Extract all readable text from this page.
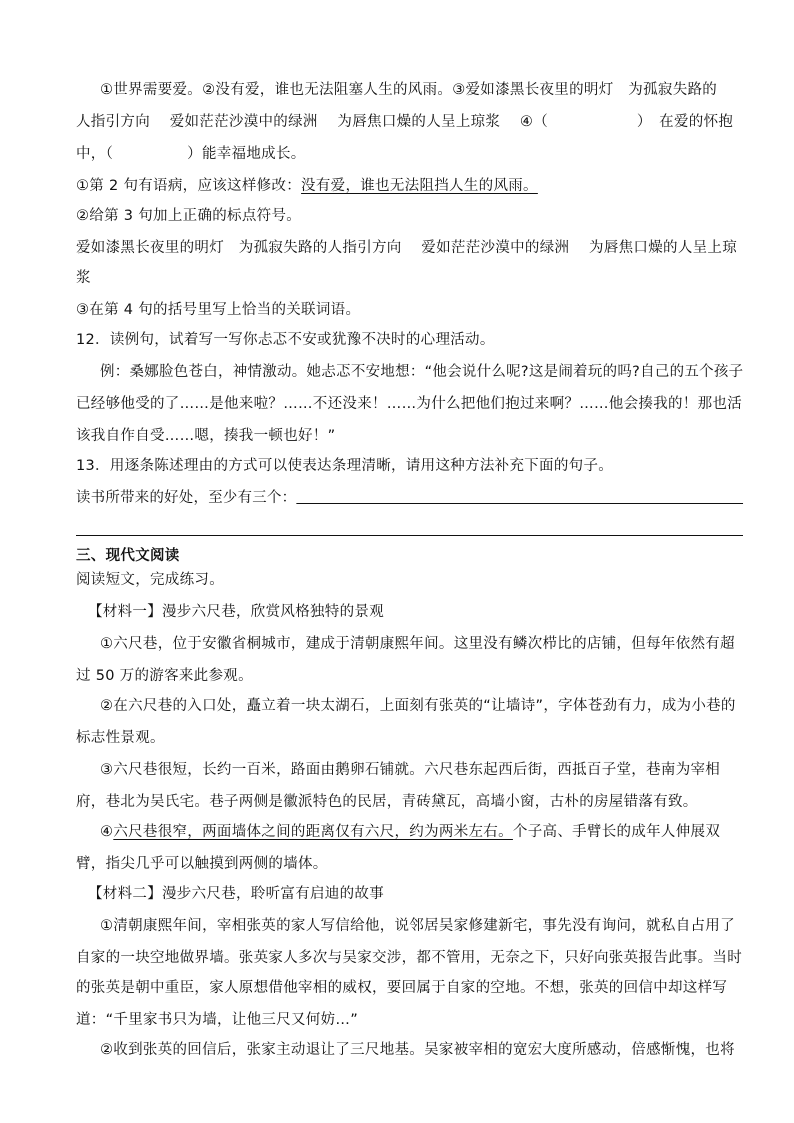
①世界需要爱。②没有爱，谁也无法阻塞人生的风雨。③爱如漆黑长夜里的明灯　为孤寂失路的
人指引方向　 爱如茫茫沙漠中的绿洲　 为唇焦口燥的人呈上琼浆　 ④（　　　　　　）　在爱的怀抱
中，（　　　　　）能幸福地成长。
①第 2 句有语病，应该这样修改：没有爱，谁也无法阻挡人生的风雨。
②给第 3 句加上正确的标点符号。
爱如漆黑长夜里的明灯　为孤寂失路的人指引方向　 爱如茫茫沙漠中的绿洲　 为唇焦口燥的人呈上琼
浆
③在第 4 句的括号里写上恰当的关联词语。
12．读例句，试着写一写你忐忑不安或犹豫不决时的心理活动。
例：桑娜脸色苍白，神情激动。她忐忑不安地想：“他会说什么呢?这是闹着玩的吗?自己的五个孩子
已经够他受的了……是他来啦？……不还没来！……为什么把他们抱过来啊？……他会揍我的！那也活
该我自作自受……嗯，揍我一顿也好！”
13．用逐条陈述理由的方式可以使表达条理清晰，请用这种方法补充下面的句子。
读书所带来的好处，至少有三个：
三、现代文阅读
阅读短文，完成练习。
【材料一】漫步六尺巷，欣赏风格独特的景观
①六尺巷，位于安徽省桐城市，建成于清朝康熙年间。这里没有鳞次栉比的店铺，但每年依然有超
过 50 万的游客来此参观。
②在六尺巷的入口处，矗立着一块太湖石，上面刻有张英的“让墙诗”，字体苍劲有力，成为小巷的
标志性景观。
③六尺巷很短，长约一百米，路面由鹅卵石铺就。六尺巷东起西后街，西抵百子堂，巷南为宰相
府，巷北为吴氏宅。巷子两侧是徽派特色的民居，青砖黛瓦，高墙小窗，古朴的房屋错落有致。
④六尺巷很窄，两面墙体之间的距离仅有六尺，约为两米左右。个子高、手臂长的成年人伸展双
臂，指尖几乎可以触摸到两侧的墙体。
【材料二】漫步六尺巷，聆听富有启迪的故事
①清朝康熙年间，宰相张英的家人写信给他，说邻居吴家修建新宅，事先没有询问，就私自占用了
自家的一块空地做界墙。张英家人多次与吴家交涉，都不管用，无奈之下，只好向张英报告此事。当时
的张英是朝中重臣，家人原想借他宰相的威权，要回属于自家的空地。不想，张英的回信中却这样写
道：“千里家书只为墙，让他三尺又何妨…”
②收到张英的回信后，张家主动退让了三尺地基。吴家被宰相的宽宏大度所感动，倍感惭愧，也将
